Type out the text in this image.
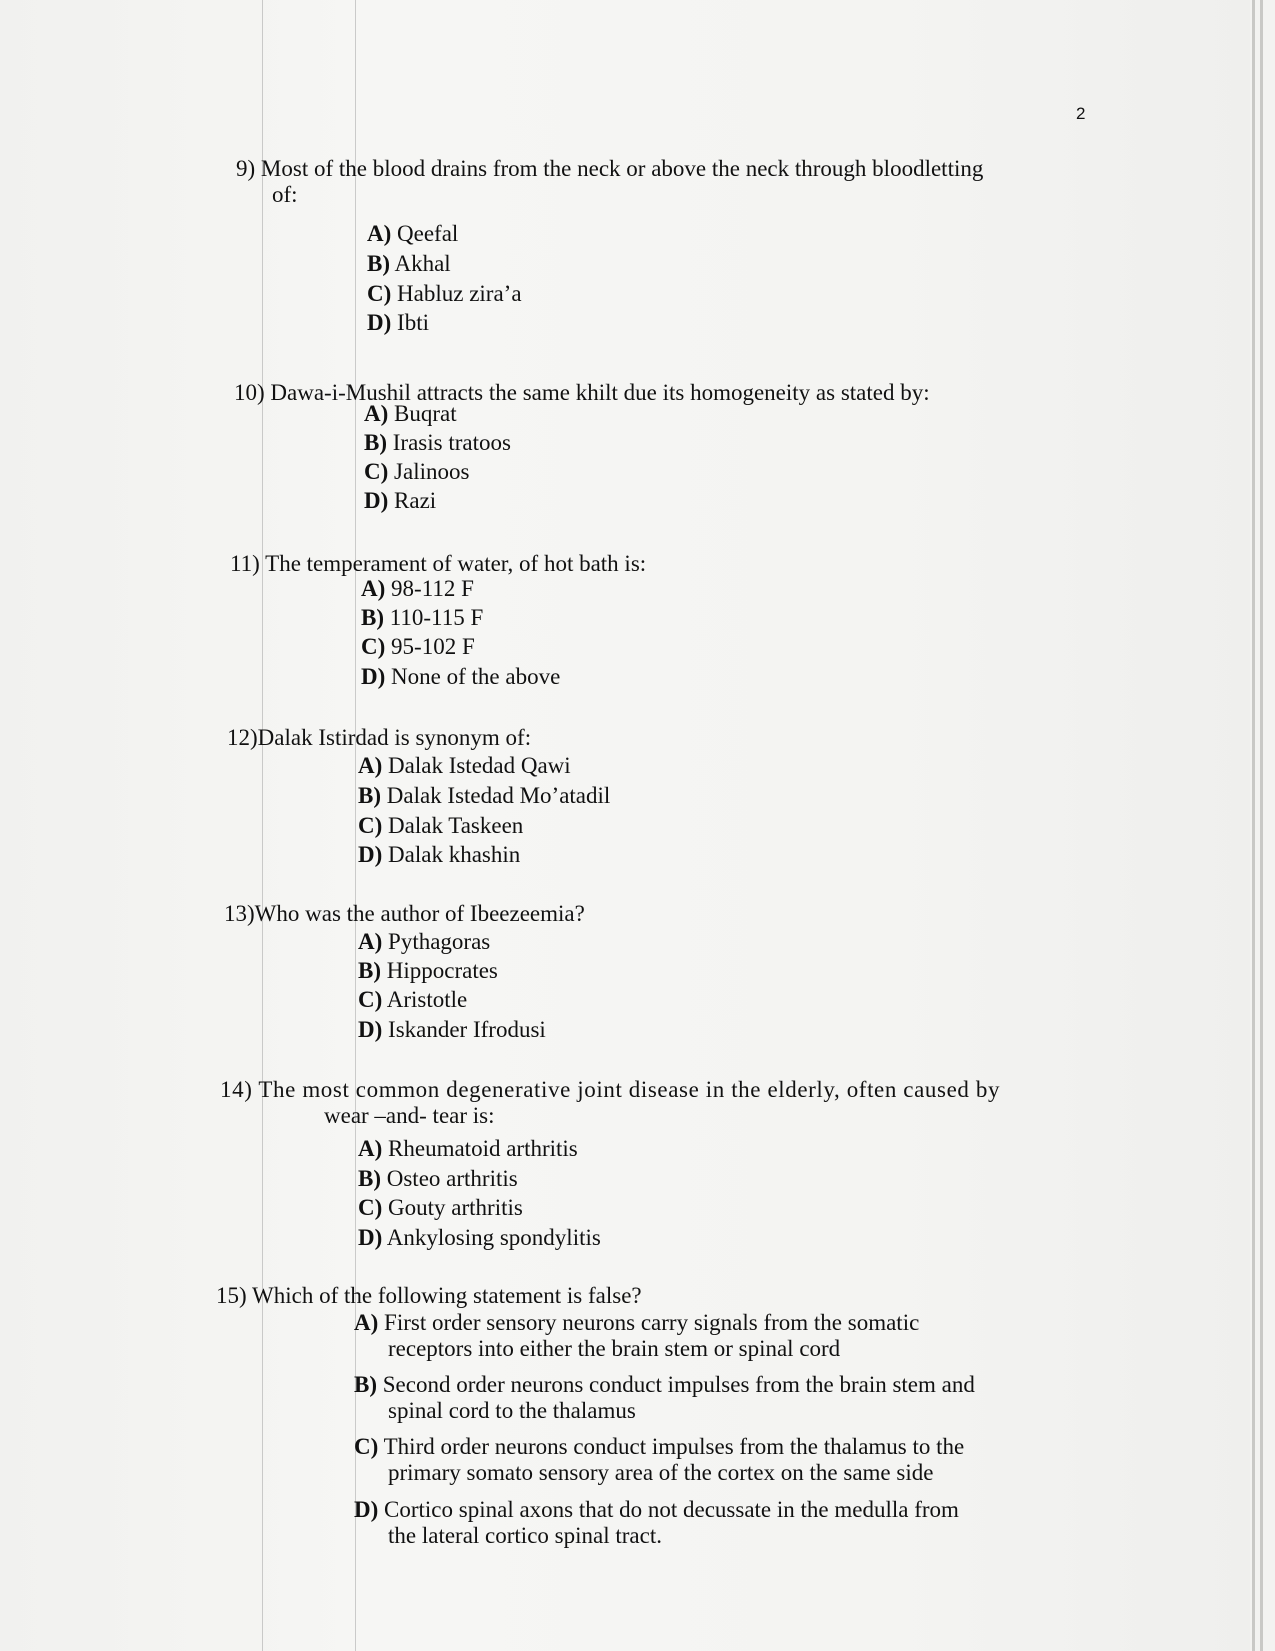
2
9) Most of the blood drains from the neck or above the neck through bloodletting
of:
A) Qeefal
B) Akhal
C) Habluz zira’a
D) Ibti
10) Dawa-i-Mushil attracts the same khilt due its homogeneity as stated by:
A) Buqrat
B) Irasis tratoos
C) Jalinoos
D) Razi
11) The temperament of water, of hot bath is:
A) 98-112 F
B) 110-115 F
C) 95-102 F
D) None of the above
12)Dalak Istirdad is synonym of:
A) Dalak Istedad Qawi
B) Dalak Istedad Mo’atadil
C) Dalak Taskeen
D) Dalak khashin
13)Who was the author of Ibeezeemia?
A) Pythagoras
B) Hippocrates
C) Aristotle
D) Iskander Ifrodusi
14) The most common degenerative joint disease in the elderly, often caused by
wear –and- tear is:
A) Rheumatoid arthritis
B) Osteo arthritis
C) Gouty arthritis
D) Ankylosing spondylitis
15) Which of the following statement is false?
A) First order sensory neurons carry signals from the somatic
receptors into either the brain stem or spinal cord
B) Second order neurons conduct impulses from the brain stem and
spinal cord to the thalamus
C) Third order neurons conduct impulses from the thalamus to the
primary somato sensory area of the cortex on the same side
D) Cortico spinal axons that do not decussate in the medulla from
the lateral cortico spinal tract.
